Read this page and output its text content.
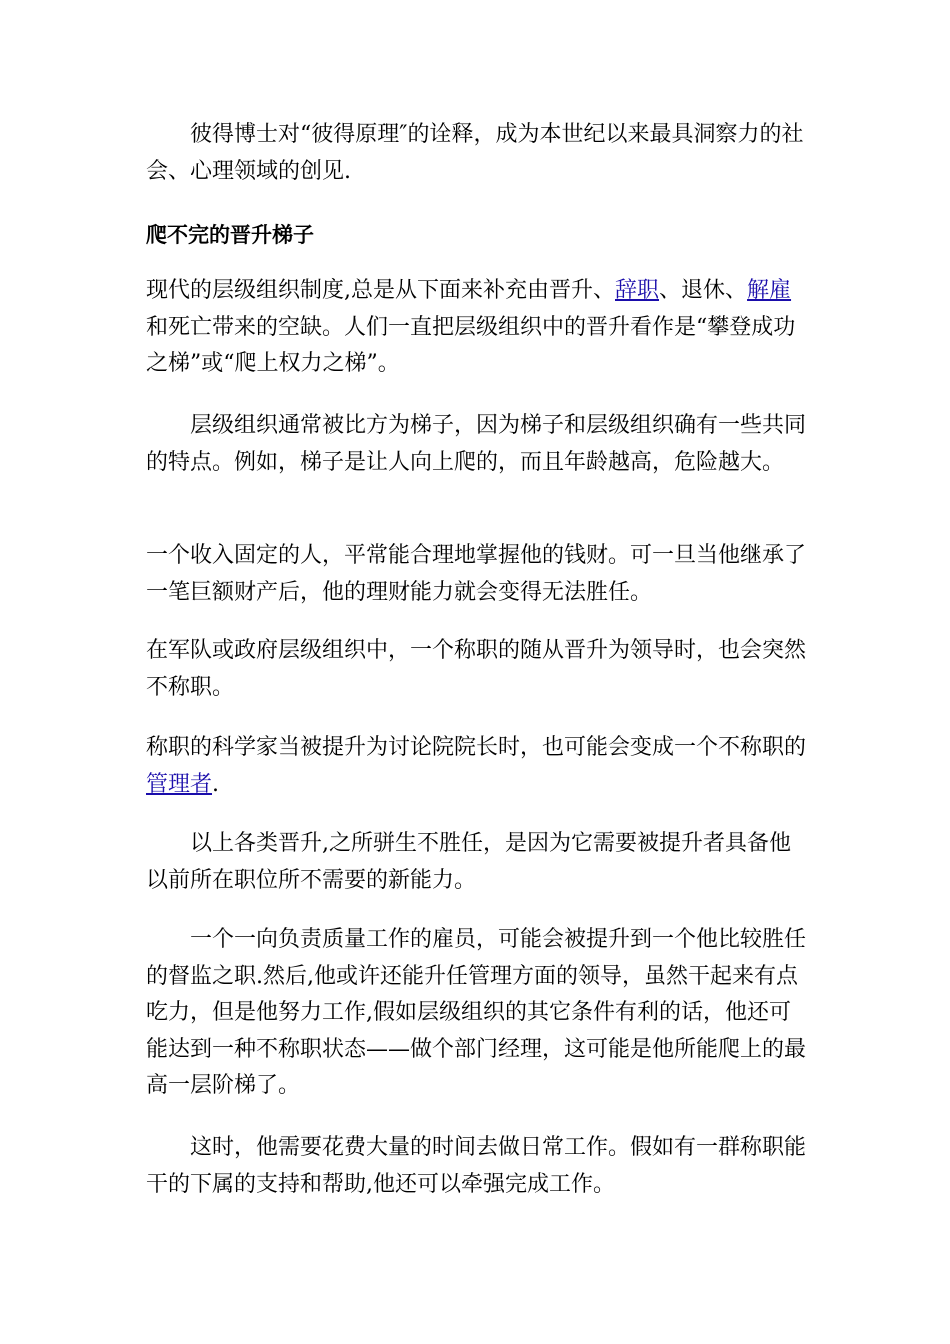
彼得博士对“彼得原理″的诠释，成为本世纪以来最具洞察力的社会、心理领域的创见.

爬不完的晋升梯子

现代的层级组织制度,总是从下面来补充由晋升、辞职、退休、解雇和死亡带来的空缺。人们一直把层级组织中的晋升看作是“攀登成功之梯”或“爬上权力之梯”。

层级组织通常被比方为梯子，因为梯子和层级组织确有一些共同的特点。例如，梯子是让人向上爬的，而且年龄越高，危险越大。

一个收入固定的人，平常能合理地掌握他的钱财。可一旦当他继承了一笔巨额财产后，他的理财能力就会变得无法胜任。

在军队或政府层级组织中，一个称职的随从晋升为领导时，也会突然不称职。

称职的科学家当被提升为讨论院院长时，也可能会变成一个不称职的管理者.

以上各类晋升,之所骈生不胜任，是因为它需要被提升者具备他以前所在职位所不需要的新能力。

一个一向负责质量工作的雇员，可能会被提升到一个他比较胜任的督监之职.然后,他或许还能升任管理方面的领导，虽然干起来有点吃力，但是他努力工作,假如层级组织的其它条件有利的话，他还可能达到一种不称职状态——做个部门经理，这可能是他所能爬上的最高一层阶梯了。

这时，他需要花费大量的时间去做日常工作。假如有一群称职能干的下属的支持和帮助,他还可以牵强完成工作。
